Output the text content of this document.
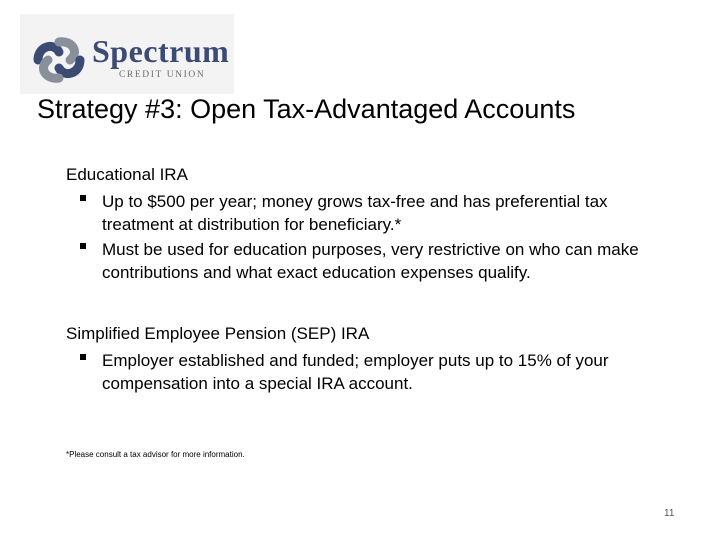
Spectrum
CREDIT UNION
Strategy #3: Open Tax-Advantaged Accounts
Educational IRA
Up to $500 per year; money grows tax-free and has preferential tax treatment at distribution for beneficiary.*
Must be used for education purposes, very restrictive on who can make contributions and what exact education expenses qualify.
Simplified Employee Pension (SEP) IRA
Employer established and funded; employer puts up to 15% of your compensation into a special IRA account.
*Please consult a tax advisor for more information.
11
